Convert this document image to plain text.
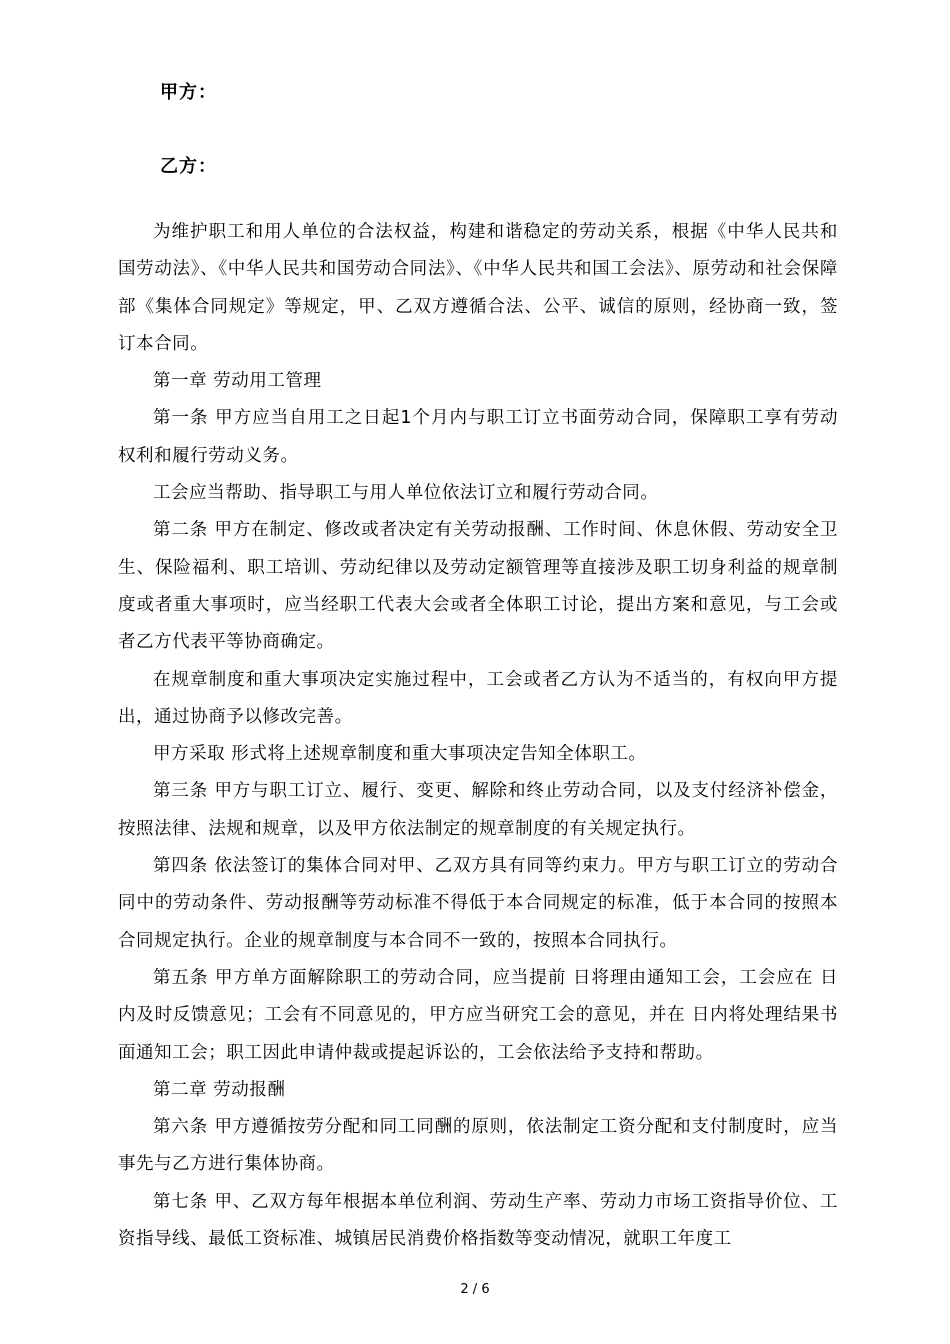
甲方：
乙方：

为维护职工和用人单位的合法权益，构建和谐稳定的劳动关系，根据《中华人民共和国劳动法》、《中华人民共和国劳动合同法》、《中华人民共和国工会法》、原劳动和社会保障部《集体合同规定》等规定，甲、乙双方遵循合法、公平、诚信的原则，经协商一致，签订本合同。

第一章 劳动用工管理

第一条 甲方应当自用工之日起1个月内与职工订立书面劳动合同，保障职工享有劳动权利和履行劳动义务。

工会应当帮助、指导职工与用人单位依法订立和履行劳动合同。

第二条 甲方在制定、修改或者决定有关劳动报酬、工作时间、休息休假、劳动安全卫生、保险福利、职工培训、劳动纪律以及劳动定额管理等直接涉及职工切身利益的规章制度或者重大事项时，应当经职工代表大会或者全体职工讨论，提出方案和意见，与工会或者乙方代表平等协商确定。

在规章制度和重大事项决定实施过程中，工会或者乙方认为不适当的，有权向甲方提出，通过协商予以修改完善。

甲方采取 形式将上述规章制度和重大事项决定告知全体职工。

第三条 甲方与职工订立、履行、变更、解除和终止劳动合同，以及支付经济补偿金，按照法律、法规和规章，以及甲方依法制定的规章制度的有关规定执行。

第四条 依法签订的集体合同对甲、乙双方具有同等约束力。甲方与职工订立的劳动合同中的劳动条件、劳动报酬等劳动标准不得低于本合同规定的标准，低于本合同的按照本合同规定执行。企业的规章制度与本合同不一致的，按照本合同执行。

第五条 甲方单方面解除职工的劳动合同，应当提前 日将理由通知工会，工会应在 日内及时反馈意见；工会有不同意见的，甲方应当研究工会的意见，并在 日内将处理结果书面通知工会；职工因此申请仲裁或提起诉讼的，工会依法给予支持和帮助。

第二章 劳动报酬

第六条 甲方遵循按劳分配和同工同酬的原则，依法制定工资分配和支付制度时，应当事先与乙方进行集体协商。

第七条 甲、乙双方每年根据本单位利润、劳动生产率、劳动力市场工资指导价位、工资指导线、最低工资标准、城镇居民消费价格指数等变动情况，就职工年度工

2 / 6
